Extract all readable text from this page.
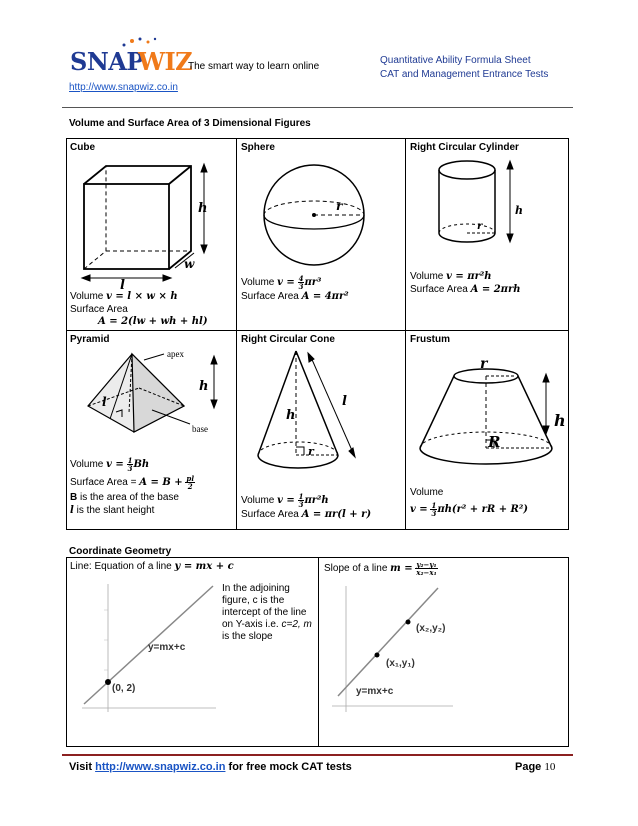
SNAP
WIZ
The smart way to learn online
http://www.snapwiz.co.in
Quantitative Ability Formula Sheet
CAT and Management Entrance Tests
Volume and Surface Area of 3 Dimensional Figures
Cube
h
w
l
Volume v = l × w × h
Surface Area
A = 2(lw + wh + hl)
Sphere
r
Volume $v = \frac{4}{3} \pi r^3$
Surface Area A = 4πr²
Right Circular Cylinder
h
r
Volume v = πr²h
Surface Area A = 2πrh
Pyramid
apex
base
l
h
Volume $v = \frac{1}{3}$ Bh
Surface Area = $A = B + \frac{pl}{2}$
B is the area of the base
l is the slant height
Right Circular Cone
h
l
r
Volume $v = \frac{1}{3} \pi r^2h$
Surface Area A = πr(l + r)
Frustum
r
R
h
Volume
$v = \frac{1}{3} \pi h(r^2$ + rR + R²)
Coordinate Geometry
Line: Equation of a line y = mx + c
(0, 2)
y=mx+c
In the adjoining figure, c is the intercept of the line on Y-axis i.e. c=2, m is the slope
Slope of a line $m = \frac{\text{y₂−y₁}}{\text{x₂−x₁}}$
(x₂,y₂)
(x₁,y₁)
y=mx+c
Visit http://www.snapwiz.co.in for free mock CAT tests	Page 10
